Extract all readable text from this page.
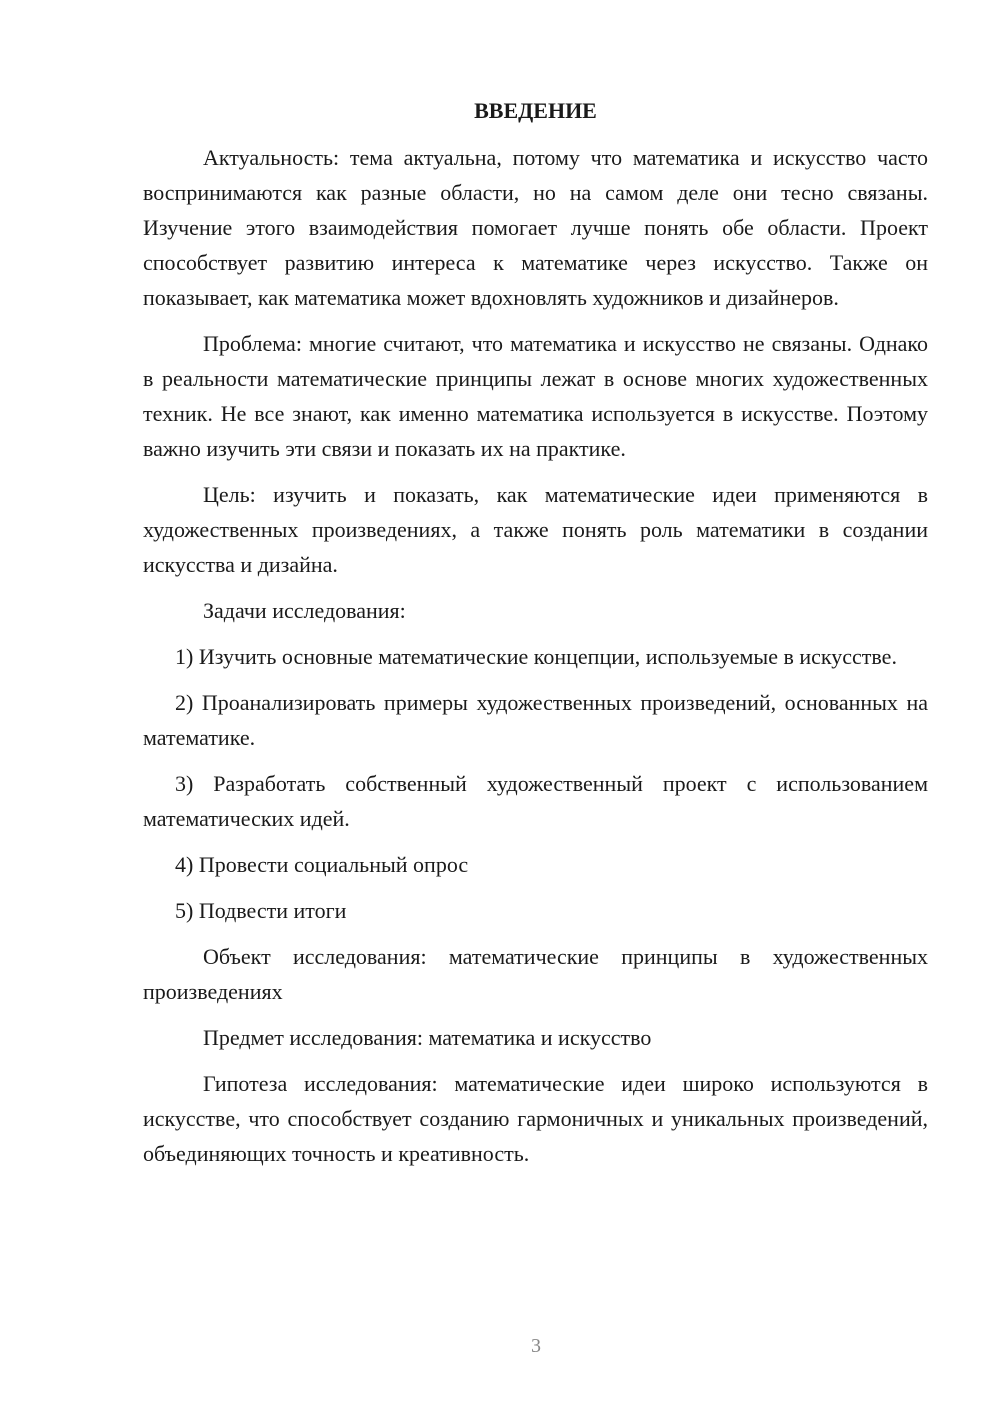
ВВЕДЕНИЕ

Актуальность: тема актуальна, потому что математика и искусство часто воспринимаются как разные области, но на самом деле они тесно связаны. Изучение этого взаимодействия помогает лучше понять обе области. Проект способствует развитию интереса к математике через искусство. Также он показывает, как математика может вдохновлять художников и дизайнеров.

Проблема: многие считают, что математика и искусство не связаны. Однако в реальности математические принципы лежат в основе многих художественных техник. Не все знают, как именно математика используется в искусстве. Поэтому важно изучить эти связи и показать их на практике.

Цель: изучить и показать, как математические идеи применяются в художественных произведениях, а также понять роль математики в создании искусства и дизайна.

Задачи исследования:

1) Изучить основные математические концепции, используемые в искусстве.

2) Проанализировать примеры художественных произведений, основанных на математике.

3) Разработать собственный художественный проект с использованием математических идей.

4) Провести социальный опрос

5) Подвести итоги

Объект исследования: математические принципы в художественных произведениях

Предмет исследования: математика и искусство

Гипотеза исследования: математические идеи широко используются в искусстве, что способствует созданию гармоничных и уникальных произведений, объединяющих точность и креативность.

3
